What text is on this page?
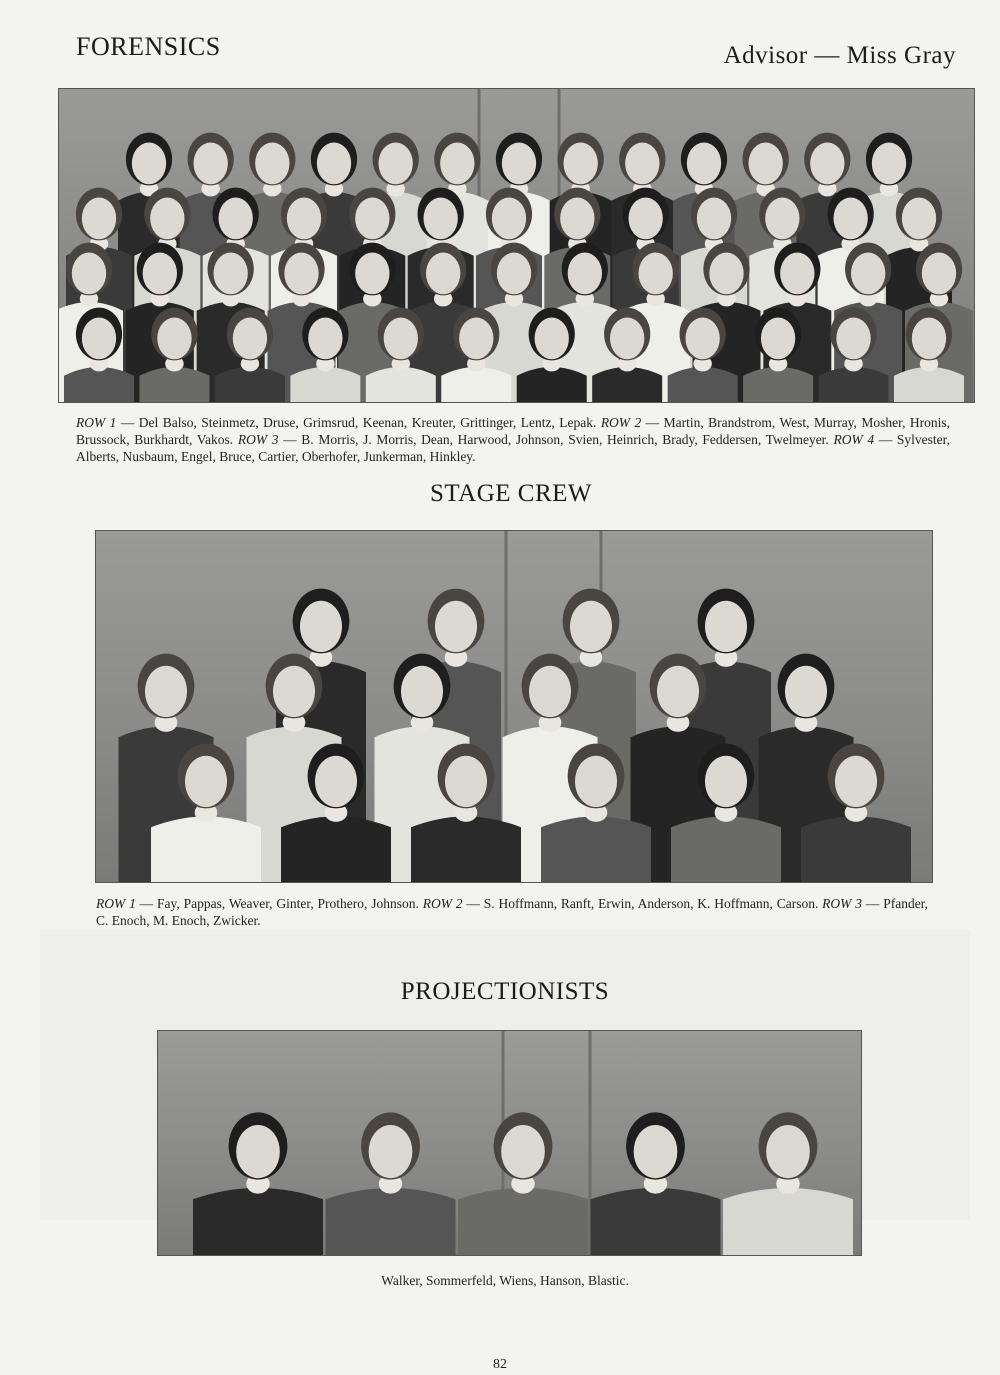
FORENSICS	Advisor — Miss Gray

ROW 1 — Del Balso, Steinmetz, Druse, Grimsrud, Keenan, Kreuter, Grittinger, Lentz, Lepak. ROW 2 — Martin, Brandstrom, West, Murray, Mosher, Hronis, Brussock, Burkhardt, Vakos. ROW 3 — B. Morris, J. Morris, Dean, Harwood, Johnson, Svien, Heinrich, Brady, Feddersen, Twelmeyer. ROW 4 — Sylvester, Alberts, Nusbaum, Engel, Bruce, Cartier, Oberhofer, Junkerman, Hinkley.

STAGE CREW

ROW 1 — Fay, Pappas, Weaver, Ginter, Prothero, Johnson. ROW 2 — S. Hoffmann, Ranft, Erwin, Anderson, K. Hoffmann, Carson. ROW 3 — Pfander, C. Enoch, M. Enoch, Zwicker.

PROJECTIONISTS

Walker, Sommerfeld, Wiens, Hanson, Blastic.

82
